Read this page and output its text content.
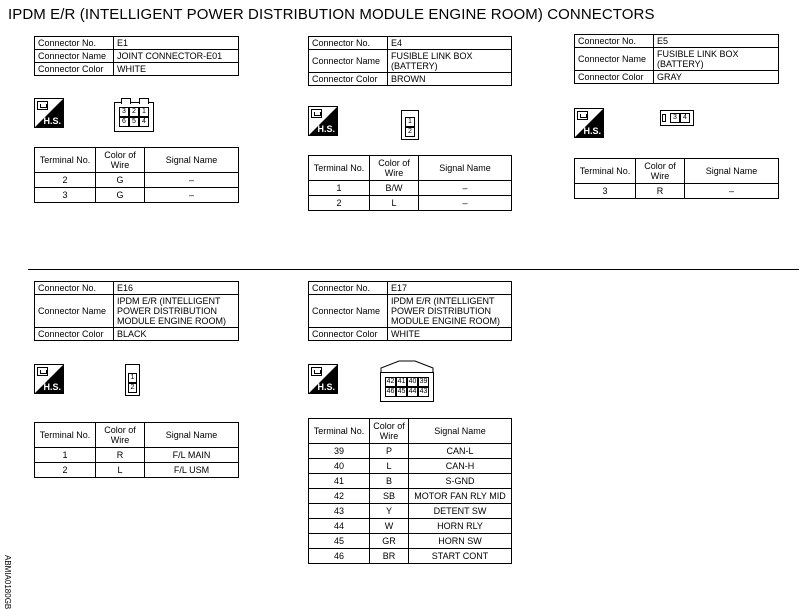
IPDM E/R (INTELLIGENT POWER DISTRIBUTION MODULE ENGINE ROOM) CONNECTORS
Connector No.	E1
Connector Name	JOINT CONNECTOR-E01
Connector Color	WHITE
H.S.
3 2 1
6 5 4
Terminal No.	Color of Wire	Signal Name
2	G	–
3	G	–
Connector No.	E4
Connector Name	FUSIBLE LINK BOX (BATTERY)
Connector Color	BROWN
H.S.
1
2
Terminal No.	Color of Wire	Signal Name
1	B/W	–
2	L	–
Connector No.	E5
Connector Name	FUSIBLE LINK BOX (BATTERY)
Connector Color	GRAY
H.S.
3 4
Terminal No.	Color of Wire	Signal Name
3	R	–
Connector No.	E16
Connector Name	IPDM E/R (INTELLIGENT POWER DISTRIBUTION MODULE ENGINE ROOM)
Connector Color	BLACK
H.S.
1
2
Terminal No.	Color of Wire	Signal Name
1	R	F/L MAIN
2	L	F/L USM
Connector No.	E17
Connector Name	IPDM E/R (INTELLIGENT POWER DISTRIBUTION MODULE ENGINE ROOM)
Connector Color	WHITE
H.S.
42 41 40 39
46 45 44 43
Terminal No.	Color of Wire	Signal Name
39	P	CAN-L
40	L	CAN-H
41	B	S-GND
42	SB	MOTOR FAN RLY MID
43	Y	DETENT SW
44	W	HORN RLY
45	GR	HORN SW
46	BR	START CONT
ABMIA0180GB
